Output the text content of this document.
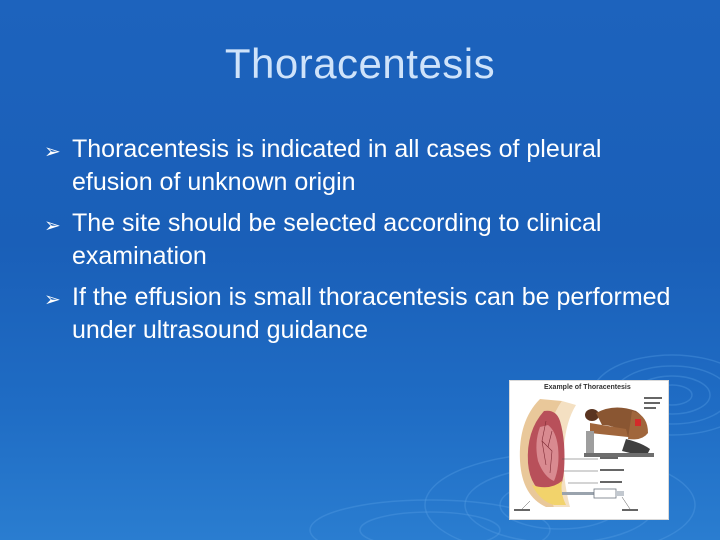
Thoracentesis
➢ Thoracentesis is indicated in all cases of pleural efusion of unknown origin
➢ The site should be selected according to clinical examination
➢ If the effusion is small thoracentesis can be performed under ultrasound guidance
Example of Thoracentesis
